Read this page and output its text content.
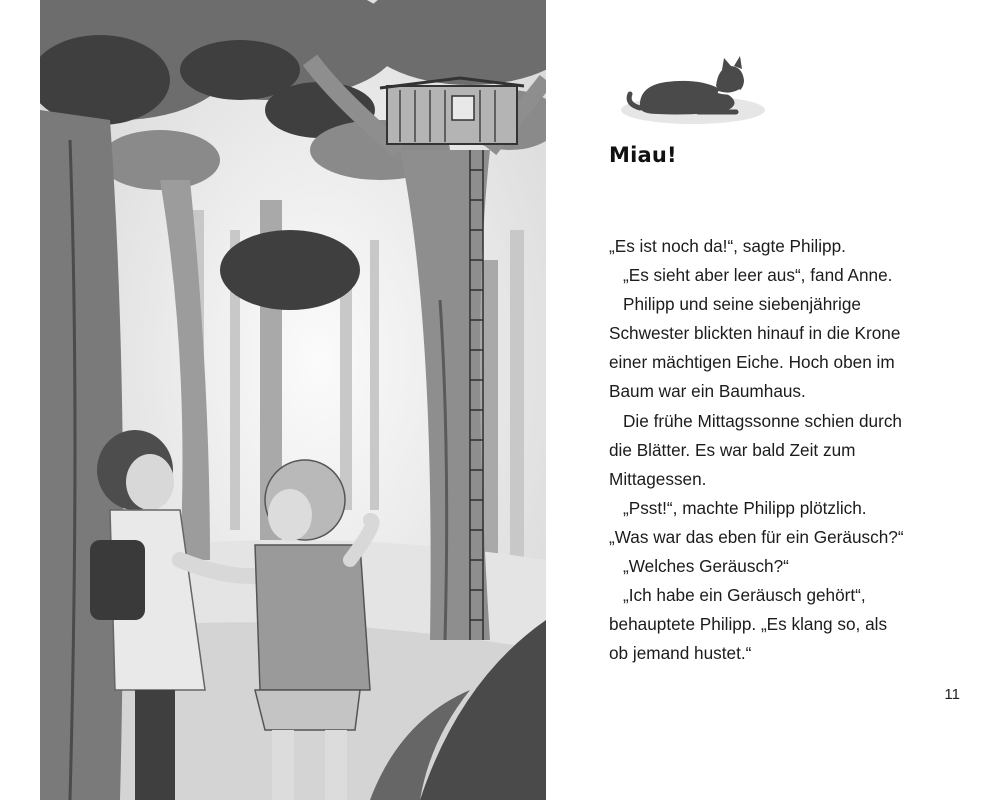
Miau!

„Es ist noch da!“, sagte Philipp.

„Es sieht aber leer aus“, fand Anne.

Philipp und seine siebenjährige

Schwester blickten hinauf in die Krone

einer mächtigen Eiche. Hoch oben im

Baum war ein Baumhaus.

Die frühe Mittagssonne schien durch

die Blätter. Es war bald Zeit zum

Mittagessen.

„Psst!“, machte Philipp plötzlich.

„Was war das eben für ein Geräusch?“

„Welches Geräusch?“

„Ich habe ein Geräusch gehört“,

behauptete Philipp. „Es klang so, als

ob jemand hustet.“

11
